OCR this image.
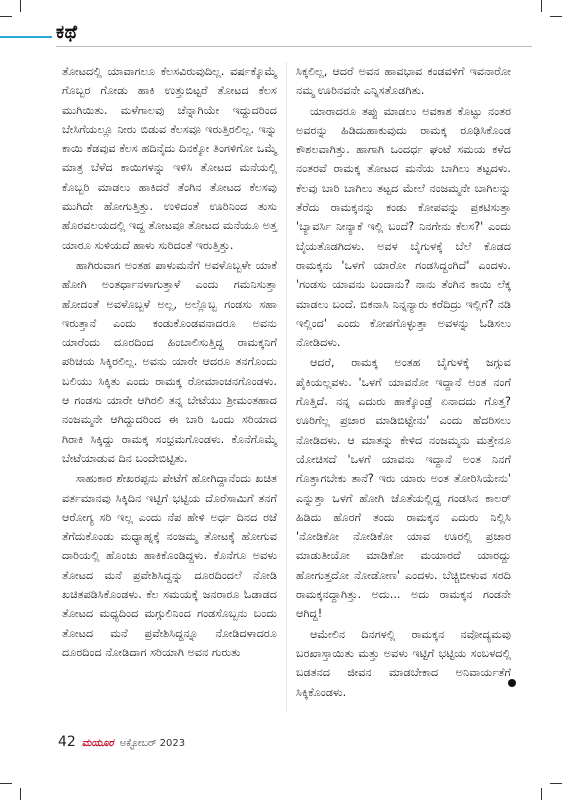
ಕಥೆ

ತೋಟದಲ್ಲಿ ಯಾವಾಗಲೂ ಕೆಲಸವಿರುವುದಿಲ್ಲ. ವರ್ಷಕ್ಕೊಮ್ಮೆ ಗೊಬ್ಬರ ಗೋಡು ಹಾಕಿ ಉತ್ತುಬಿಟ್ಟರೆ ತೋಟದ ಕೆಲಸ ಮುಗಿಯಿತು. ಮಳೆಗಾಲವು ಚೆನ್ನಾಗಿಯೇ ಇದ್ದುದರಿಂದ ಬೇಸಿಗೆಯಲ್ಲೂ ನೀರು ಬಿಡುವ ಕೆಲಸವೂ ಇರುತ್ತಿರಲಿಲ್ಲ. ಇನ್ನು ಕಾಯಿ ಕೆಡವುವ ಕೆಲಸ ಹದಿನೈದು ದಿನಕ್ಕೋ ತಿಂಗಳಿಗೋ ಒಮ್ಮೆ ಮಾತ್ರ ಬೆಳೆದ ಕಾಯಿಗಳನ್ನು ಇಳಿಸಿ ತೋಟದ ಮನೆಯಲ್ಲಿ ಕೊಬ್ಬರಿ ಮಾಡಲು ಹಾಕಿದರೆ ತೆಂಗಿನ ತೋಟದ ಕೆಲಸವು ಮುಗಿದೇ ಹೋಗುತ್ತಿತ್ತು. ಉಳಿದಂತೆ ಊರಿನಿಂದ ತುಸು ಹೊರವಲಯದಲ್ಲಿ ಇದ್ದ ತೋಟವೂ ತೋಟದ ಮನೆಯೂ ಅತ್ತ ಯಾರೂ ಸುಳಿಯದೆ ಹಾಳು ಸುರಿದಂತೆ ಇರುತ್ತಿತ್ತು.

ಹಾಗಿರುವಾಗ ಅಂತಹ ಪಾಳುಮನೆಗೆ ಅವಳೊಬ್ಬಳೇ ಯಾಕೆ ಹೋಗಿ ಅಂತರ್ಧಾನಳಾಗುತ್ತಾಳೆ ಎಂದು ಗಮನಿಸುತ್ತಾ ಹೋದಂತೆ ಅವಳೊಬ್ಬಳೆ ಅಲ್ಲ, ಅಲ್ಲೊಬ್ಬ ಗಂಡಸು ಸಹಾ ಇರುತ್ತಾನೆ ಎಂದು ಕಂಡುಕೊಂಡವನಾದರೂ ಅವನು ಯಾರೆಂದು ದೂರದಿಂದ ಹಿಂಬಾಲಿಸುತ್ತಿದ್ದ ರಾಮಕ್ಕನಿಗೆ ಪರಿಚಯ ಸಿಕ್ಕಿರಲಿಲ್ಲ. ಅವನು ಯಾರೇ ಆದರೂ ತನಗೊಂದು ಬಲಿಯು ಸಿಕ್ಕಿತು ಎಂದು ರಾಮಕ್ಕ ರೋಮಾಂಚನಗೊಂಡಳು. ಆ ಗಂಡಸು ಯಾರೇ ಆಗಿರಲಿ ತನ್ನ ಬೇಟೆಯು ಶ್ರೀಮಂತಹಾದ ನಂಜಮ್ಮನೇ ಆಗಿದ್ದುದರಿಂದ ಈ ಬಾರಿ ಒಂದು ಸರಿಯಾದ ಗಿರಾಕಿ ಸಿಕ್ಕಿದ್ದು ರಾಮಕ್ಕ ಸಂಭ್ರಮಗೊಂಡಳು. ಕೊನೆಗೊಮ್ಮೆ ಬೇಟೆಯಾಡುವ ದಿನ ಬಂದೇಬಿಟ್ಟಿತು.

ಸಾಹುಕಾರ ಶೇಖರಪ್ಪನು ಪೇಟೆಗೆ ಹೋಗಿದ್ದಾನೆಂದು ಖಚಿತ ವರ್ತಮಾನವು ಸಿಕ್ಕಿದಿನ ಇಟ್ಟಿಗೆ ಭಟ್ಟಿಯ ದೊರೆಸಾಮಿಗೆ ತನಗೆ ಆರೋಗ್ಯ ಸರಿ ಇಲ್ಲ ಎಂದು ನೆಪ ಹೇಳಿ ಅರ್ಧ ದಿನದ ರಜೆ ತೆಗೆದುಕೊಂಡು ಮಧ್ಯಾಹ್ನಕ್ಕೆ ನಂಜಮ್ಮ ತೋಟಕ್ಕೆ ಹೋಗುವ ದಾರಿಯಲ್ಲಿ ಹೊಂಚು ಹಾಕಿಕೊಂಡಿದ್ದಳು. ಕೊನೆಗೂ ಅವಳು ತೋಟದ ಮನೆ ಪ್ರವೇಶಿಸಿದ್ದನ್ನು ದೂರದಿಂದಲೆ ನೋಡಿ ಖಚಿತಪಡಿಸಿಕೊಂಡಳು. ಕೆಲ ಸಮಯಕ್ಕೆ ಜನರಾರೂ ಓಡಾಡದ ತೋಟದ ಮಧ್ಯದಿಂದ ಮಗ್ಗುಲಿನಿಂದ ಗಂಡಸೊಬ್ಬನು ಬಂದು ತೋಟದ ಮನೆ ಪ್ರವೇಶಿಸಿದ್ದನ್ನೂ ನೋಡಿದಳಾದರೂ ದೂರದಿಂದ ನೋಡಿದಾಗ ಸರಿಯಾಗಿ ಅವನ ಗುರುತು

ಸಿಕ್ಕಲಿಲ್ಲ, ಆದರೆ ಅವನ ಹಾವಭಾವ ಕಂಡವಳಿಗೆ ಇವನಾರೋ ನಮ್ಮ ಊರಿನವನೇ ಎನ್ನಿಸತೊಡಗಿತು.

ಯಾರಾದರೂ ತಪ್ಪು ಮಾಡಲು ಅವಕಾಶ ಕೊಟ್ಟು ನಂತರ ಅವರನ್ನು ಹಿಡಿದುಹಾಕುವುದು ರಾಮಕ್ಕ ರೂಢಿಸಿಕೊಂಡ ಕೌಶಲವಾಗಿತ್ತು. ಹಾಗಾಗಿ ಒಂದರ್ಧ ಘಂಟೆ ಸಮಯ ಕಳೆದ ನಂತರವೆ ರಾಮಕ್ಕ ತೋಟದ ಮನೆಯ ಬಾಗಿಲು ತಟ್ಟದಳು. ಕೆಲವು ಬಾರಿ ಬಾಗಿಲು ತಟ್ಟದ ಮೇಲೆ ನಂಜಮ್ಮನೇ ಬಾಗಿಲನ್ನು ತೆರೆದು ರಾಮಕ್ಕನನ್ನು ಕಂಡು ಕೋಪವನ್ನು ಪ್ರಕಟಿಸುತ್ತಾ 'ಬ್ಯಾವರ್ಸಿ ನೀನ್ಯಾಕೆ ಇಲ್ಲಿ ಬಂದೆ? ನಿನಗೇನು ಕೆಲಸ?' ಎಂದು ಬೈಯತೊಡಗಿದಳು. ಅವಳ ಬೈಗುಳಕ್ಕೆ ಬೆಲೆ ಕೊಡದ ರಾಮಕ್ಕನು 'ಒಳಗೆ ಯಾರೋ ಗಂಡಸಿದ್ದಂಗಿದೆ' ಎಂದಳು. 'ಗಂಡಸು ಯಾವನು ಬಂದಾನು? ನಾನು ತೆಂಗಿನ ಕಾಯಿ ಲೆಕ್ಕ ಮಾಡಲು ಬಂದೆ. ಬಿಕನಾಸಿ ನಿನ್ನನ್ಯಾರು ಕರೆದಿದ್ರು ಇಲ್ಲಿಗೆ? ನಡಿ ಇಲ್ಲಿಂದ' ಎಂದು ಕೋಪಗೊಳ್ಳುತ್ತಾ ಅವಳನ್ನು ಓಡಿಸಲು ನೋಡಿದಳು.

ಆದರೆ, ರಾಮಕ್ಕ ಅಂತಹ ಬೈಗುಳಕ್ಕೆ ಜಗ್ಗುವ ಪೈಕಿಯಲ್ಲವಳು. 'ಒಳಗೆ ಯಾವನೋ ಇದ್ದಾನೆ ಅಂತ ನಂಗೆ ಗೊತ್ತಿದೆ. ನನ್ನ ಎದುರು ಹಾಕ್ಕೊಂಡ್ರೆ ಏನಾದದು ಗೊತ್ತ? ಊರಿಗೆಲ್ಲ ಪ್ರಚಾರ ಮಾಡಿಬಿಟ್ಟೇನು' ಎಂದು ಹೆದರಿಸಲು ನೋಡಿದಳು. ಆ ಮಾತನ್ನು ಕೇಳಿದ ನಂಜಮ್ಮನು ಮತ್ತೇನೂ ಯೋಚಿಸದೆ 'ಒಳಗೆ ಯಾವನು ಇದ್ದಾನೆ ಅಂತ ನಿನಗೆ ಗೊತ್ತಾಗಬೇಕು ತಾನೆ? ಇರು ಯಾರು ಅಂತ ತೋರಿಸಿಯೇನು' ಎನ್ನುತ್ತಾ ಒಳಗೆ ಹೋಗಿ ಜೊತೆಯಲ್ಲಿದ್ದ ಗಂಡಸಿನ ಕಾಲರ್ ಹಿಡಿದು ಹೊರಗೆ ತಂದು ರಾಮಕ್ಕನ ಎದುರು ನಿಲ್ಲಿಸಿ 'ನೋಡಿಕೋ ನೋಡಿಕೋ ಯಾವ ಊರಲ್ಲಿ ಪ್ರಚಾರ ಮಾಡುತೀಯೋ ಮಾಡಿಕೋ ಮಯಾರದೆ ಯಾರದ್ದು ಹೋಗುತ್ತದೋ ನೋಡೋಣ' ಎಂದಳು. ಬೆಚ್ಚಿಬೀಳುವ ಸರದಿ ರಾಮಕ್ಕನದ್ದಾಗಿತ್ತು. ಅದು... ಅದು ರಾಮಕ್ಕನ ಗಂಡನೇ ಆಗಿದ್ದ!

ಆಮೇಲಿನ ದಿನಗಳಲ್ಲಿ ರಾಮಕ್ಕನ ನವೋದ್ಯಮವು ಬರಖಾಸ್ತಾಯಿತು ಮತ್ತು ಅವಳು ಇಟ್ಟಿಗೆ ಭಟ್ಟಿಯ ಸಂಬಳದಲ್ಲಿ ಬಡತನದ ಜೀವನ ಮಾಡಬೇಕಾದ ಅನಿವಾರ್ಯತೆಗೆ ಸಿಕ್ಕಿಕೊಂಡಳು.

42 ಮಯೂರ ಅಕ್ಟೋಬರ್ 2023
